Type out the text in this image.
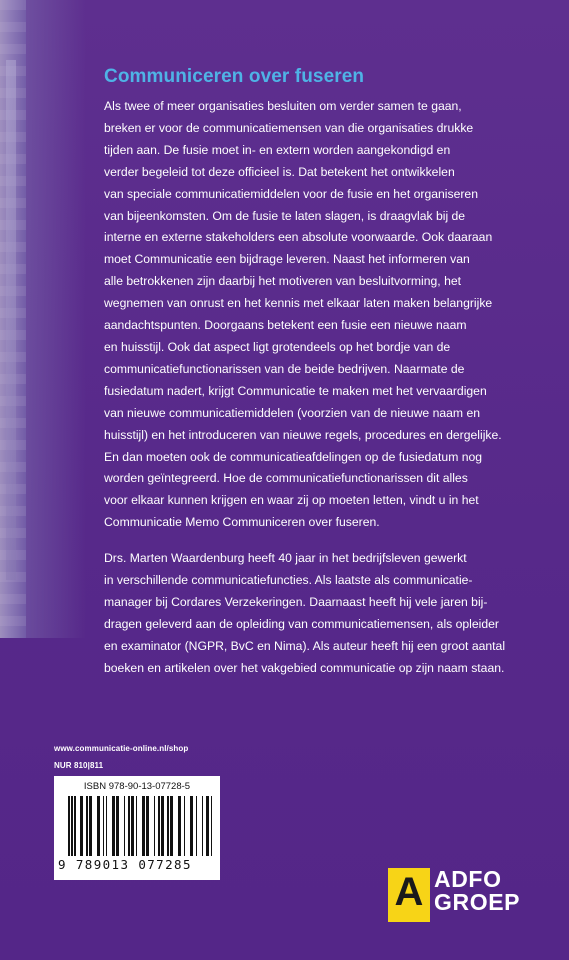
Communiceren over fuseren
Als twee of meer organisaties besluiten om verder samen te gaan,
breken er voor de communicatiemensen van die organisaties drukke
tijden aan. De fusie moet in- en extern worden aangekondigd en
verder begeleid tot deze officieel is. Dat betekent het ontwikkelen
van speciale communicatiemiddelen voor de fusie en het organiseren
van bijeenkomsten. Om de fusie te laten slagen, is draagvlak bij de
interne en externe stakeholders een absolute voorwaarde. Ook daaraan
moet Communicatie een bijdrage leveren. Naast het informeren van
alle betrokkenen zijn daarbij het motiveren van besluitvorming, het
wegnemen van onrust en het kennis met elkaar laten maken belangrijke
aandachtspunten. Doorgaans betekent een fusie een nieuwe naam
en huisstijl. Ook dat aspect ligt grotendeels op het bordje van de
communicatiefunctionarissen van de beide bedrijven. Naarmate de
fusiedatum nadert, krijgt Communicatie te maken met het vervaardigen
van nieuwe communicatiemiddelen (voorzien van de nieuwe naam en
huisstijl) en het introduceren van nieuwe regels, procedures en dergelijke.
En dan moeten ook de communicatieafdelingen op de fusiedatum nog
worden geïntegreerd. Hoe de communicatiefunctionarissen dit alles
voor elkaar kunnen krijgen en waar zij op moeten letten, vindt u in het
Communicatie Memo Communiceren over fuseren.
Drs. Marten Waardenburg heeft 40 jaar in het bedrijfsleven gewerkt
in verschillende communicatiefuncties. Als laatste als communicatie-
manager bij Cordares Verzekeringen. Daarnaast heeft hij vele jaren bij-
dragen geleverd aan de opleiding van communicatiemensen, als opleider
en examinator (NGPR, BvC en Nima). Als auteur heeft hij een groot aantal
boeken en artikelen over het vakgebied communicatie op zijn naam staan.
www.communicatie-online.nl/shop
NUR 810|811
ISBN 978-90-13-07728-5
9 789013 077285
A ADFO
GROEP
